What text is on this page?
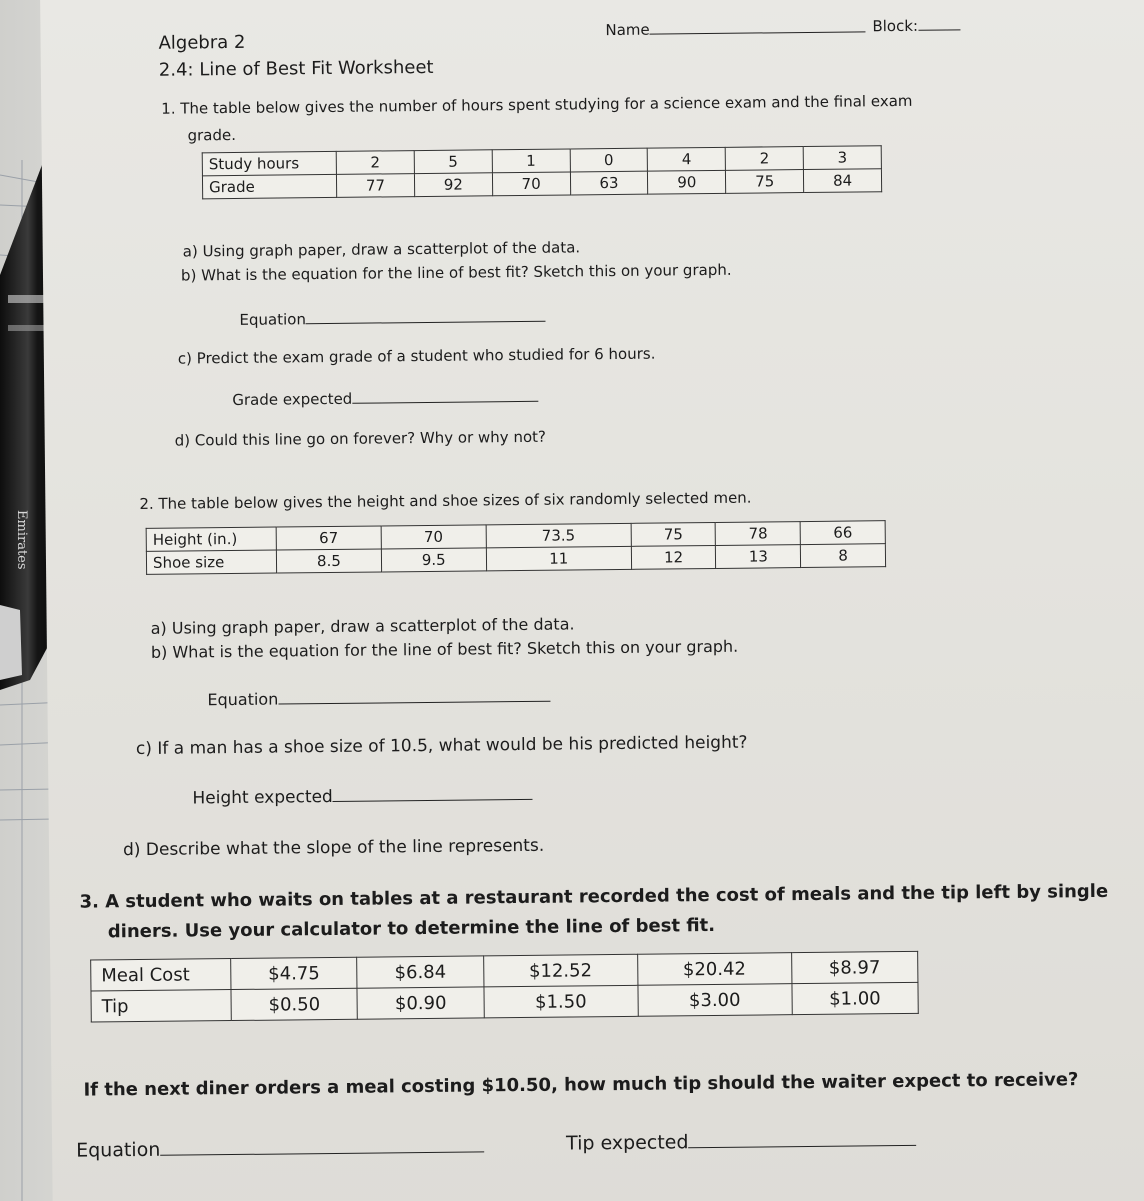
Emirates
Algebra 2
Name	Block:
2.4: Line of Best Fit Worksheet
1. The table below gives the number of hours spent studying for a science exam and the final exam
grade.
Study hours	2	5	1	0	4	2	3
Grade	77	92	70	63	90	75	84
a) Using graph paper, draw a scatterplot of the data.
b) What is the equation for the line of best fit? Sketch this on your graph.
Equation
c) Predict the exam grade of a student who studied for 6 hours.
Grade expected
d) Could this line go on forever? Why or why not?
2. The table below gives the height and shoe sizes of six randomly selected men.
Height (in.)	67	70	73.5	75	78	66
Shoe size	8.5	9.5	11	12	13	8
a) Using graph paper, draw a scatterplot of the data.
b) What is the equation for the line of best fit? Sketch this on your graph.
Equation
c) If a man has a shoe size of 10.5, what would be his predicted height?
Height expected
d) Describe what the slope of the line represents.
3. A student who waits on tables at a restaurant recorded the cost of meals and the tip left by single
diners. Use your calculator to determine the line of best fit.
Meal Cost	$4.75	$6.84	$12.52	$20.42	$8.97
Tip	$0.50	$0.90	$1.50	$3.00	$1.00
If the next diner orders a meal costing $10.50, how much tip should the waiter expect to receive?
Equation	Tip expected
